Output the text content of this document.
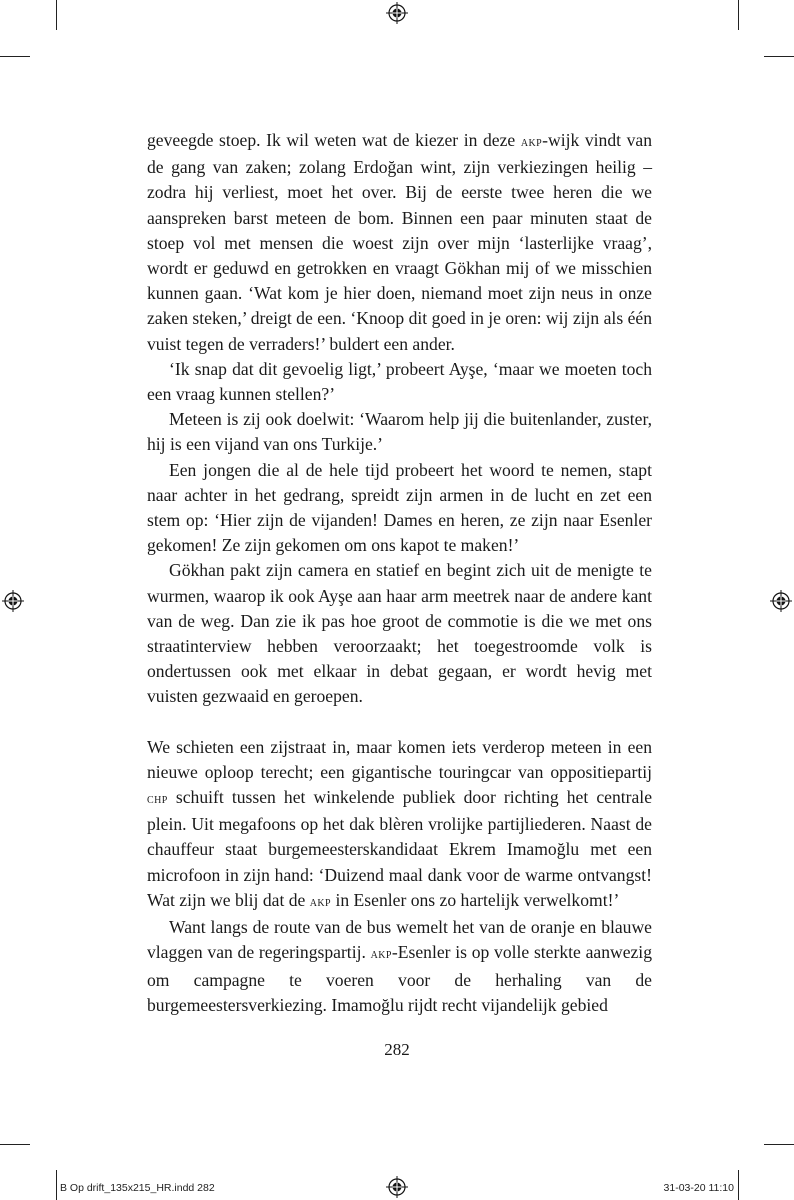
geveegde stoep. Ik wil weten wat de kiezer in deze akp-wijk vindt van de gang van zaken; zolang Erdoğan wint, zijn verkiezingen heilig – zodra hij verliest, moet het over. Bij de eerste twee heren die we aanspreken barst meteen de bom. Binnen een paar minuten staat de stoep vol met mensen die woest zijn over mijn ‘lasterlijke vraag’, wordt er geduwd en getrokken en vraagt Gökhan mij of we misschien kunnen gaan. ‘Wat kom je hier doen, niemand moet zijn neus in onze zaken steken,’ dreigt de een. ‘Knoop dit goed in je oren: wij zijn als één vuist tegen de verraders!’ buldert een ander.

‘Ik snap dat dit gevoelig ligt,’ probeert Ayşe, ‘maar we moeten toch een vraag kunnen stellen?’

Meteen is zij ook doelwit: ‘Waarom help jij die buitenlander, zuster, hij is een vijand van ons Turkije.’

Een jongen die al de hele tijd probeert het woord te nemen, stapt naar achter in het gedrang, spreidt zijn armen in de lucht en zet een stem op: ‘Hier zijn de vijanden! Dames en heren, ze zijn naar Esenler gekomen! Ze zijn gekomen om ons kapot te maken!’

Gökhan pakt zijn camera en statief en begint zich uit de menigte te wurmen, waarop ik ook Ayşe aan haar arm meetrek naar de andere kant van de weg. Dan zie ik pas hoe groot de commotie is die we met ons straatinterview hebben veroorzaakt; het toegestroomde volk is ondertussen ook met elkaar in debat gegaan, er wordt hevig met vuisten gezwaaid en geroepen.

We schieten een zijstraat in, maar komen iets verderop meteen in een nieuwe oploop terecht; een gigantische touringcar van oppositiepartij chp schuift tussen het winkelende publiek door richting het centrale plein. Uit megafoons op het dak blèren vrolijke partijliederen. Naast de chauffeur staat burgemeesterskandidaat Ekrem Imamoğlu met een microfoon in zijn hand: ‘Duizend maal dank voor de warme ontvangst! Wat zijn we blij dat de akp in Esenler ons zo hartelijk verwelkomt!’

Want langs de route van de bus wemelt het van de oranje en blauwe vlaggen van de regeringspartij. akp-Esenler is op volle sterkte aanwezig om campagne te voeren voor de herhaling van de burgemeestersverkiezing. Imamoğlu rijdt recht vijandelijk gebied

282
B Op drift_135x215_HR.indd 282	31-03-20 11:10
